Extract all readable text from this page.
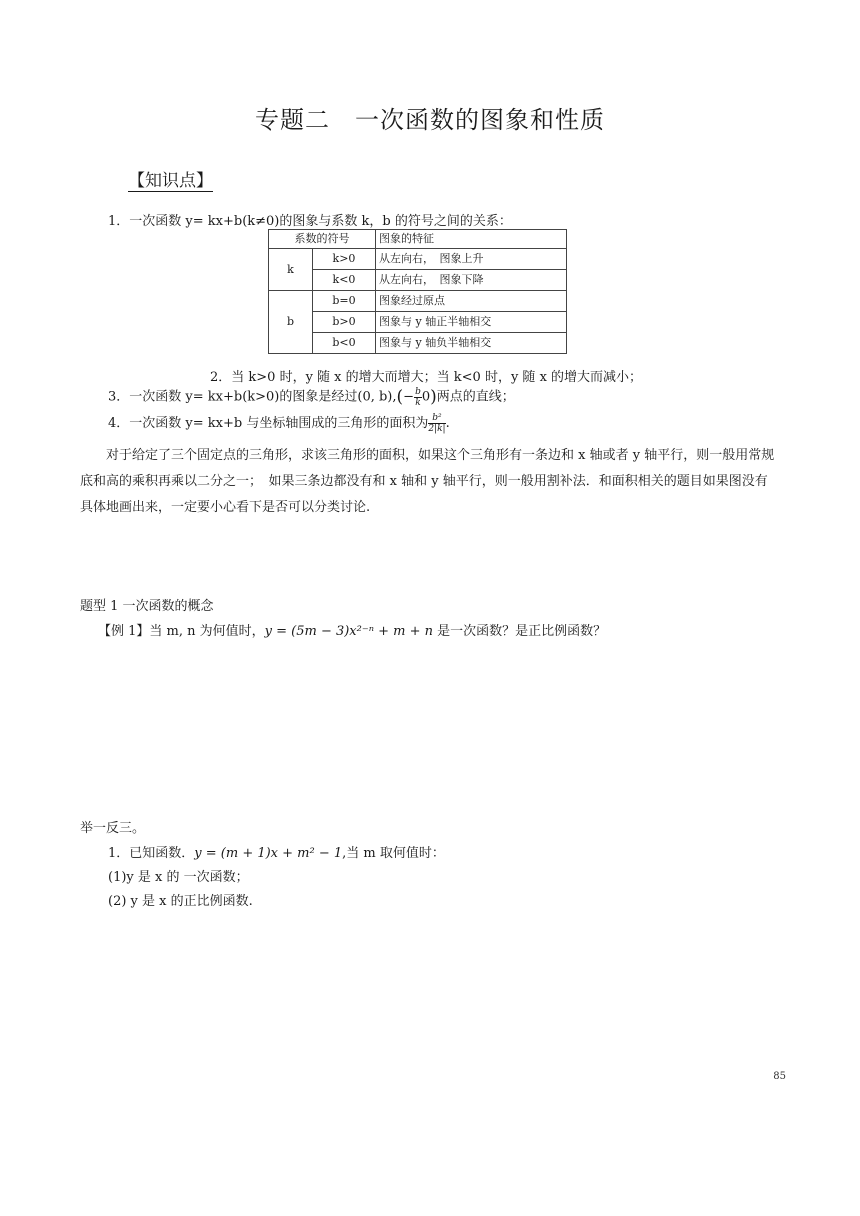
专题二　一次函数的图象和性质
【知识点】
1．一次函数 y= kx+b(k≠0)的图象与系数 k，b 的符号之间的关系：
系数的符号		图象的特征
k	k>0	从左向右，　图象上升
	k<0	从左向右，　图象下降
b	b=0	图象经过原点
	b>0	图象与 y 轴正半轴相交
	b<0	图象与 y 轴负半轴相交
2．当 k>0 时，y 随 x 的增大而增大；当 k<0 时，y 随 x 的增大而减小；
3．一次函数 y= kx+b(k>0)的图象是经过(0, $b),(- \frac{b}{k} 0)$两点的直线；
4．一次函数 y= kx+b 与坐标轴围成的三角形的面积为 $\frac{\text{b²}}{2|k|}$ .
对于给定了三个固定点的三角形，求该三角形的面积，如果这个三角形有一条边和 x 轴或者 y 轴平行，则一般用常规底和高的乘积再乘以二分之一；　如果三条边都没有和 x 轴和 y 轴平行，则一般用割补法．和面积相关的题目如果图没有具体地画出来，一定要小心看下是否可以分类讨论.
题型 1 一次函数的概念
【例 1】当 m, n 为何值时，y = (5m − 3)x²⁻ⁿ + m + n 是一次函数？是正比例函数？
举一反三。
1．已知函数．y = (m + 1)x + m² − 1,当 m 取何值时：
(1)y 是 x 的 一次函数；
(2) y 是 x 的正比例函数.
85
